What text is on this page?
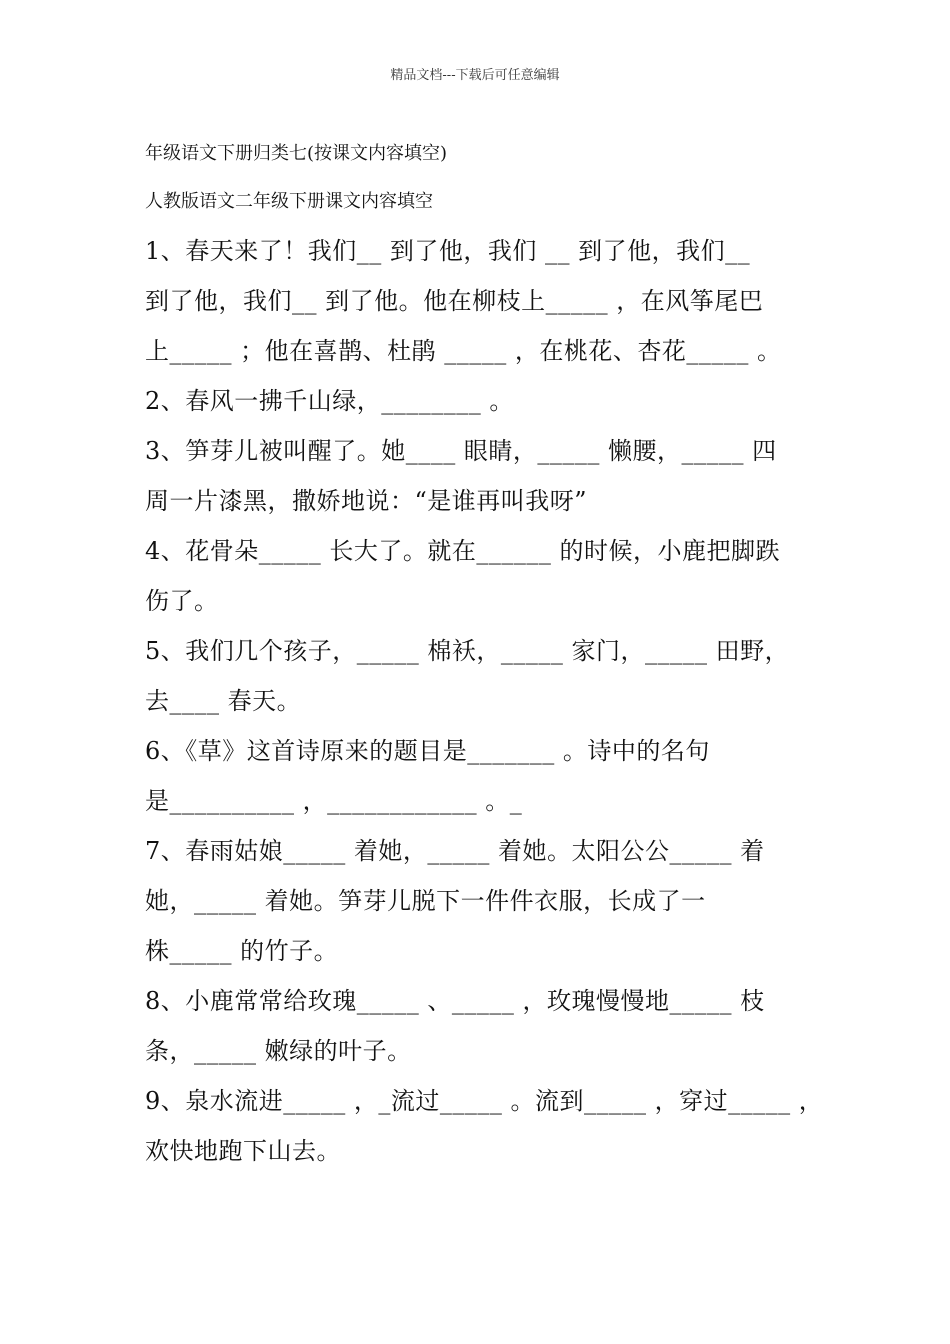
精品文档---下载后可任意编辑
年级语文下册归类七(按课文内容填空)
人教版语文二年级下册课文内容填空
1、春天来了！我们__ 到了他，我们 __ 到了他，我们__
到了他，我们__ 到了他。他在柳枝上_____ ，在风筝尾巴
上_____ ；他在喜鹊、杜鹃 _____ ，在桃花、杏花_____ 。
2、春风一拂千山绿，________ 。
3、笋芽儿被叫醒了。她____ 眼睛，_____ 懒腰，_____ 四
周一片漆黑，撒娇地说：“是谁再叫我呀”
4、花骨朵_____ 长大了。就在______ 的时候，小鹿把脚跌
伤了。
5、我们几个孩子，_____ 棉袄，_____ 家门，_____ 田野，
去____ 春天。
6、《草》这首诗原来的题目是_______ 。诗中的名句
是__________ ，____________ 。_
7、春雨姑娘_____ 着她，_____ 着她。太阳公公_____ 着
她，_____ 着她。笋芽儿脱下一件件衣服，长成了一
株_____ 的竹子。
8、小鹿常常给玫瑰_____ 、_____ ，玫瑰慢慢地_____ 枝
条，_____ 嫩绿的叶子。
9、泉水流进_____ ，_流过_____ 。流到_____ ，穿过_____ ，
欢快地跑下山去。
